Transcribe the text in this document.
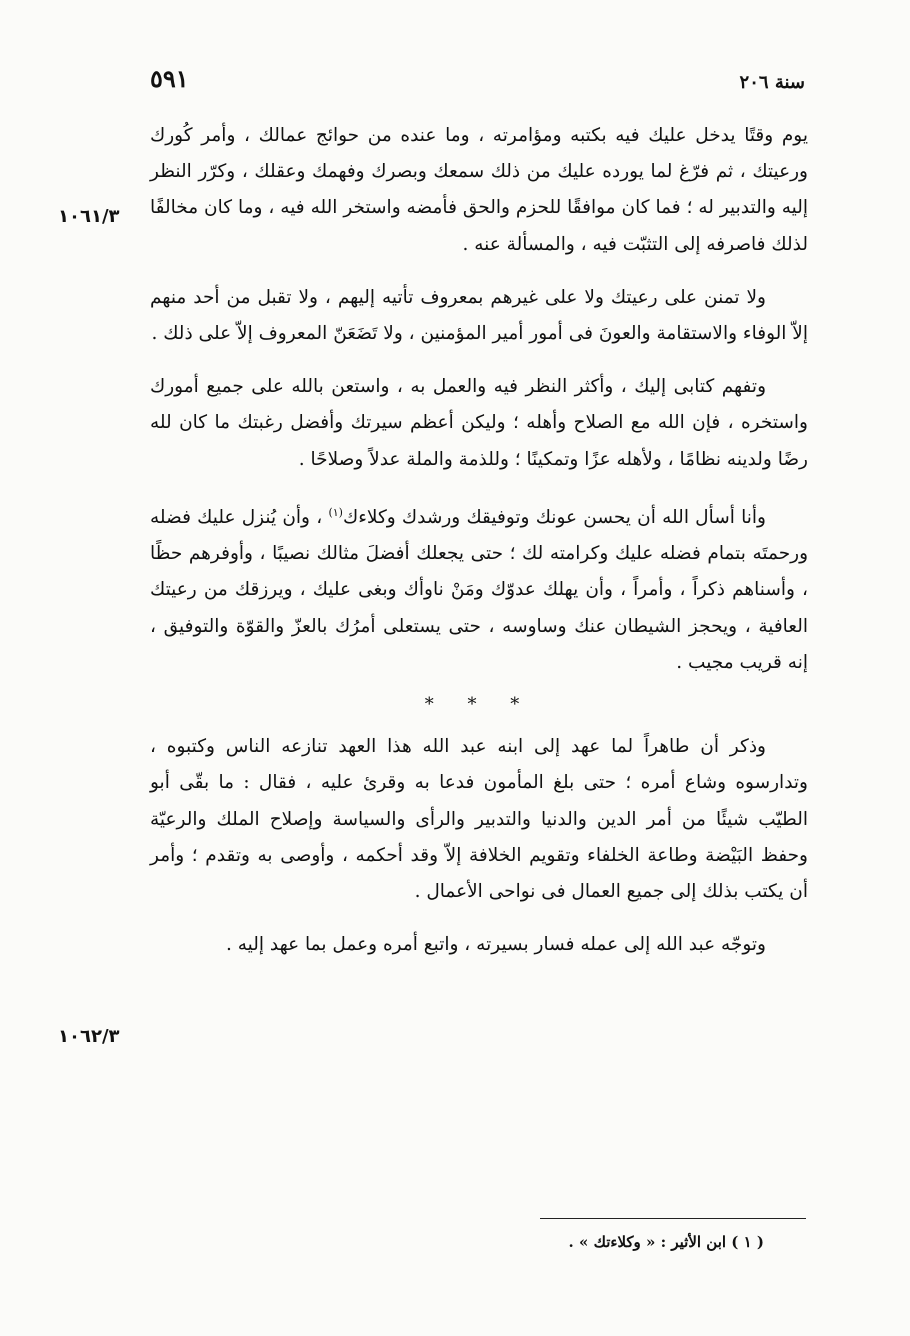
٥٩١	سنة ٢٠٦
١٠٦١/٣
١٠٦٢/٣

يوم وقتًا يدخل عليك فيه بكتبه ومؤامرته ، وما عنده من حوائج عمالك ، وأمر كُورك ورعيتك ، ثم فرّغ لما يورده عليك من ذلك سمعك وبصرك وفهمك وعقلك ، وكرّر النظر إليه والتدبير له ؛ فما كان موافقًا للحزم والحق فأمضه واستخر الله فيه ، وما كان مخالفًا لذلك فاصرفه إلى التثبّت فيه ، والمسألة عنه .

ولا تمنن على رعيتك ولا على غيرهم بمعروف تأتيه إليهم ، ولا تقبل من أحد منهم إلاّ الوفاء والاستقامة والعونَ فى أمور أمير المؤمنين ، ولا تَضَعَنّ المعروف إلاّ على ذلك .

وتفهم كتابى إليك ، وأكثر النظر فيه والعمل به ، واستعن بالله على جميع أمورك واستخره ، فإن الله مع الصلاح وأهله ؛ وليكن أعظم سيرتك وأفضل رغبتك ما كان لله رضًا ولدينه نظامًا ، ولأهله عزًا وتمكينًا ؛ وللذمة والملة عدلاً وصلاحًا .

وأنا أسأل الله أن يحسن عونك وتوفيقك ورشدك وكلاءك$^{(١)}$ ، وأن يُنزل عليك فضله ورحمتَه بتمام فضله عليك وكرامته لك ؛ حتى يجعلك أفضلَ مثالك نصيبًا ، وأوفرهم حظًا ، وأسناهم ذكراً ، وأمراً ، وأن يهلك عدوّك ومَنْ ناوأك وبغى عليك ، ويرزقك من رعيتك العافية ، ويحجز الشيطان عنك وساوسه ، حتى يستعلى أمرُك بالعزّ والقوّة والتوفيق ، إنه قريب مجيب .

* * *

وذكر أن طاهراً لما عهد إلى ابنه عبد الله هذا العهد تنازعه الناس وكتبوه ، وتدارسوه وشاع أمره ؛ حتى بلغ المأمون فدعا به وقرئ عليه ، فقال : ما بقّى أبو الطيّب شيئًا من أمر الدين والدنيا والتدبير والرأى والسياسة وإصلاح الملك والرعيّة وحفظ البَيْضة وطاعة الخلفاء وتقويم الخلافة إلاّ وقد أحكمه ، وأوصى به وتقدم ؛ وأمر أن يكتب بذلك إلى جميع العمال فى نواحى الأعمال .

وتوجّه عبد الله إلى عمله فسار بسيرته ، واتبع أمره وعمل بما عهد إليه .

( ١ ) ابن الأثير : « وكلاءتك » .
